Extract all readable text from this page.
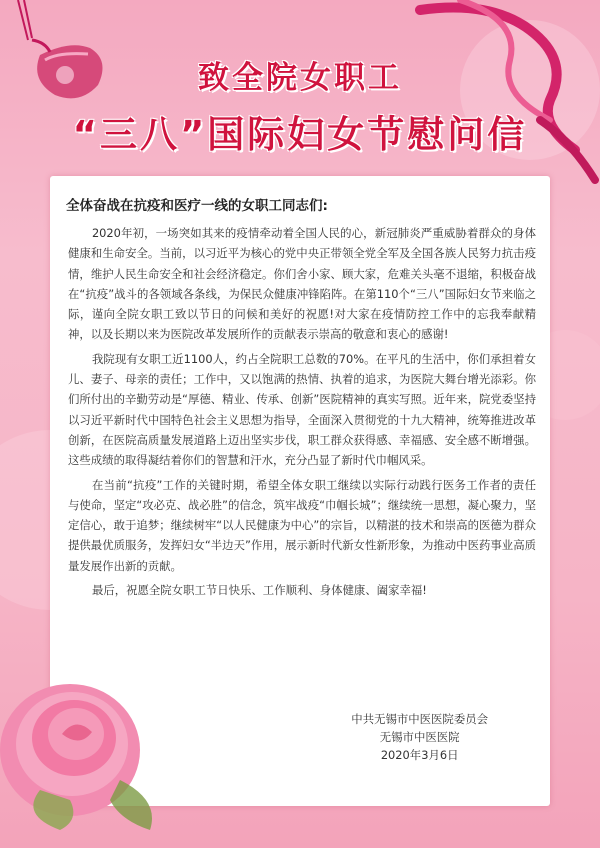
致全院女职工
“三八”国际妇女节慰问信
全体奋战在抗疫和医疗一线的女职工同志们:

2020年初，一场突如其来的疫情牵动着全国人民的心，新冠肺炎严重威胁着群众的身体健康和生命安全。当前，以习近平为核心的党中央正带领全党全军及全国各族人民努力抗击疫情，维护人民生命安全和社会经济稳定。你们舍小家、顾大家，危难关头毫不退缩，积极奋战在“抗疫”战斗的各领域各条线，为保民众健康冲锋陷阵。在第110个“三八”国际妇女节来临之际，谨向全院女职工致以节日的问候和美好的祝愿!对大家在疫情防控工作中的忘我奉献精神，以及长期以来为医院改革发展所作的贡献表示崇高的敬意和衷心的感谢!

我院现有女职工近1100人，约占全院职工总数的70%。在平凡的生活中，你们承担着女儿、妻子、母亲的责任；工作中，又以饱满的热情、执着的追求，为医院大舞台增光添彩。你们所付出的辛勤劳动是“厚德、精业、传承、创新”医院精神的真实写照。近年来，院党委坚持以习近平新时代中国特色社会主义思想为指导，全面深入贯彻党的十九大精神，统筹推进改革创新，在医院高质量发展道路上迈出坚实步伐，职工群众获得感、幸福感、安全感不断增强。这些成绩的取得凝结着你们的智慧和汗水，充分凸显了新时代巾帼风采。

在当前“抗疫”工作的关键时期，希望全体女职工继续以实际行动践行医务工作者的责任与使命，坚定“攻必克、战必胜”的信念，筑牢战疫“巾帼长城”；继续统一思想，凝心聚力，坚定信心，敢于追梦；继续树牢“以人民健康为中心”的宗旨，以精湛的技术和崇高的医德为群众提供最优质服务，发挥妇女“半边天”作用，展示新时代新女性新形象，为推动中医药事业高质量发展作出新的贡献。

最后，祝愿全院女职工节日快乐、工作顺利、身体健康、阖家幸福!

中共无锡市中医医院委员会
无锡市中医医院
2020年3月6日
